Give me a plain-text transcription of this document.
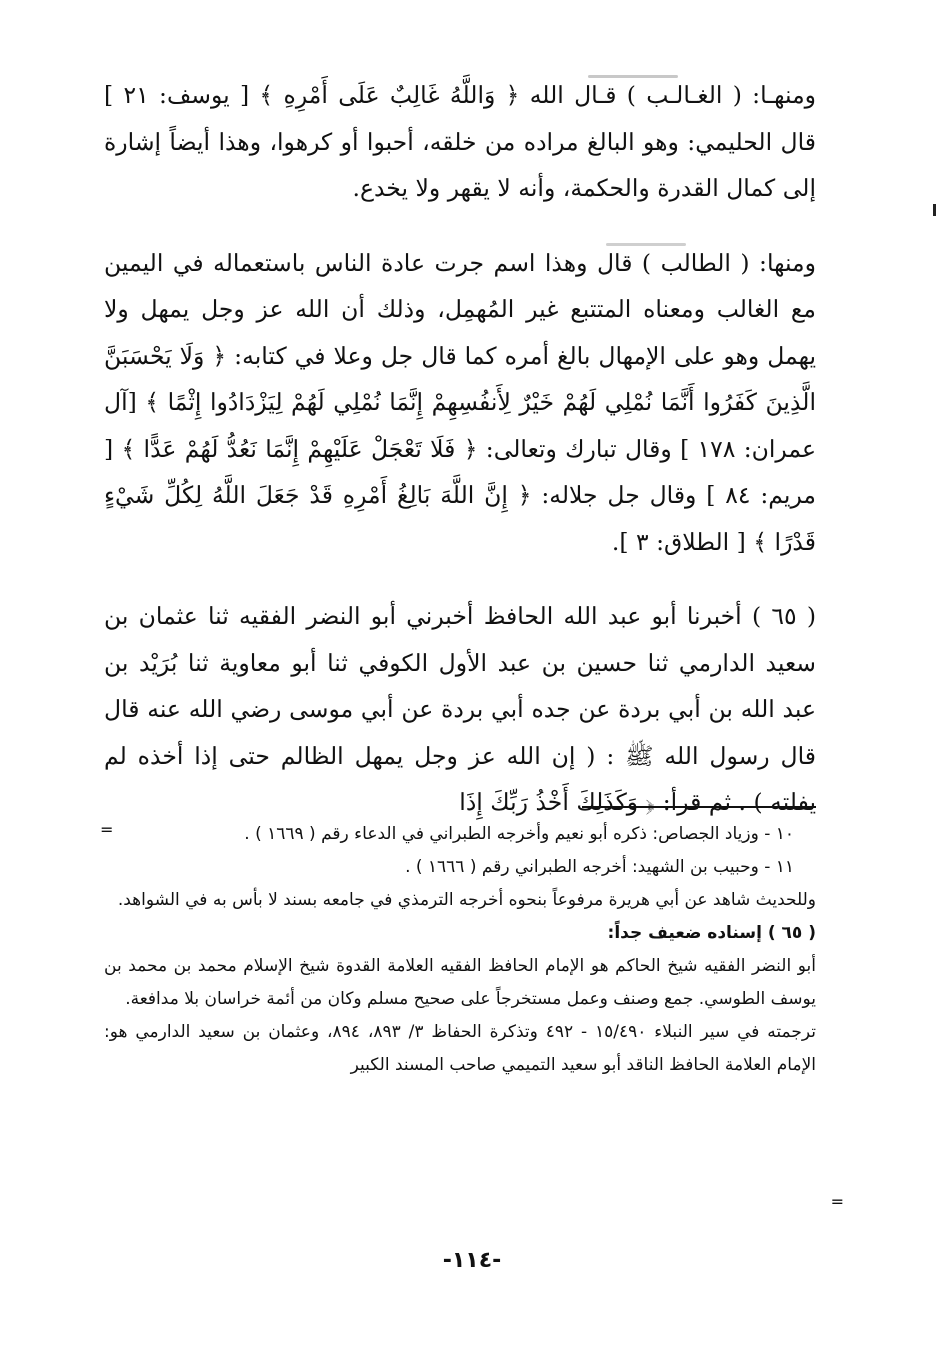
ومنهـا: ( الغـالـب ) قـال الله ﴿ وَاللَّهُ غَالِبٌ عَلَى أَمْرِهِ ﴾ [ يوسف: ٢١ ] قال الحليمي: وهو البالغ مراده من خلقه، أحبوا أو كرهوا، وهذا أيضاً إشارة إلى كمال القدرة والحكمة، وأنه لا يقهر ولا يخدع.

ومنها: ( الطالب ) قال وهذا اسم جرت عادة الناس باستعماله في اليمين مع الغالب ومعناه المتتبع غير المُهمِل، وذلك أن الله عز وجل يمهل ولا يهمل وهو على الإمهال بالغ أمره كما قال جل وعلا في كتابه: ﴿ وَلَا يَحْسَبَنَّ الَّذِينَ كَفَرُوا أَنَّمَا نُمْلِي لَهُمْ خَيْرٌ لِأَنفُسِهِمْ إِنَّمَا نُمْلِي لَهُمْ لِيَزْدَادُوا إِثْمًا ﴾ [آل عمران: ١٧٨ ] وقال تبارك وتعالى: ﴿ فَلَا تَعْجَلْ عَلَيْهِمْ إِنَّمَا نَعُدُّ لَهُمْ عَدًّا ﴾ [ مريم: ٨٤ ] وقال جل جلاله: ﴿ إِنَّ اللَّهَ بَالِغُ أَمْرِهِ قَدْ جَعَلَ اللَّهُ لِكُلِّ شَيْءٍ قَدْرًا ﴾ [ الطلاق: ٣ ].

( ٦٥ ) أخبرنا أبو عبد الله الحافظ أخبرني أبو النضر الفقيه ثنا عثمان بن سعيد الدارمي ثنا حسين بن عبد الأول الكوفي ثنا أبو معاوية ثنا بُرَيْد بن عبد الله بن أبي بردة عن جده أبي بردة عن أبي موسى رضي الله عنه قال قال رسول الله ﷺ : ( إن الله عز وجل يمهل الظالم حتى إذا أخذه لم يفلته ) . ثم قرأ: ﴿ وَكَذَلِكَ أَخْذُ رَبِّكَ إِذَا

=	١٠ - وزياد الجصاص: ذكره أبو نعيم وأخرجه الطبراني في الدعاء رقم ( ١٦٦٩ ) .

١١ - وحبيب بن الشهيد: أخرجه الطبراني رقم ( ١٦٦٦ ) .

وللحديث شاهد عن أبي هريرة مرفوعاً بنحوه أخرجه الترمذي في جامعه بسند لا بأس به في الشواهد.

( ٦٥ ) إسناده ضعيف جداً:

أبو النضر الفقيه شيخ الحاكم هو الإمام الحافظ الفقيه العلامة القدوة شيخ الإسلام محمد بن محمد بن يوسف الطوسي. جمع وصنف وعمل مستخرجاً على صحيح مسلم وكان من أئمة خراسان بلا مدافعة.

ترجمته في سير النبلاء ١٥/٤٩٠ - ٤٩٢ وتذكرة الحفاظ ٣/ ٨٩٣، ٨٩٤، وعثمان بن سعيد الدارمي هو: الإمام العلامة الحافظ الناقد أبو سعيد التميمي صاحب المسند الكبير

=
-١١٤-
